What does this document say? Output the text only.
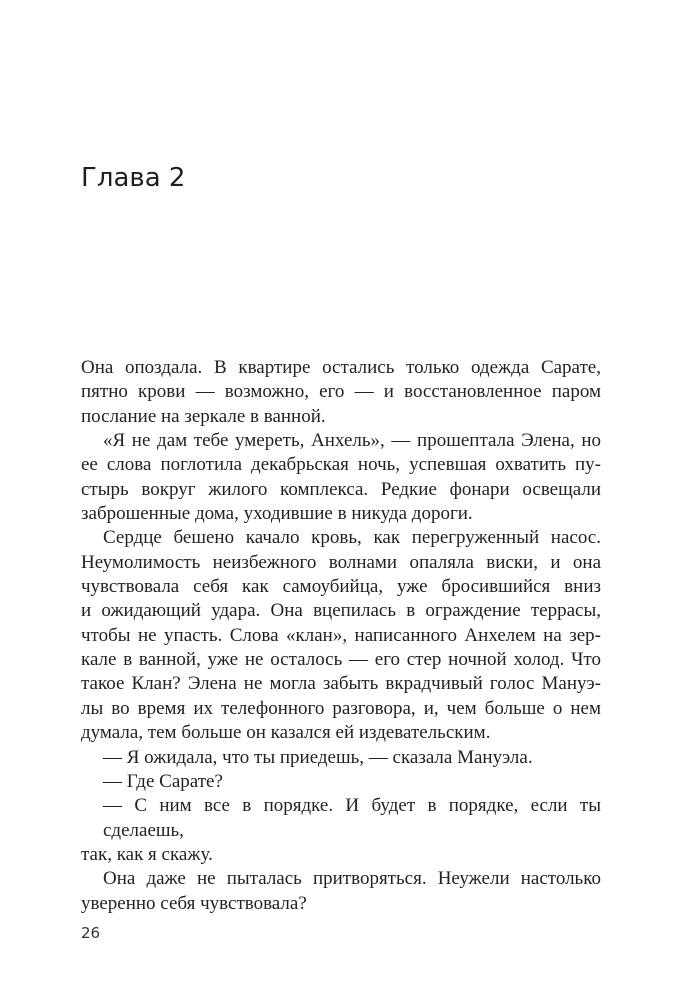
Глава 2
Она опоздала. В квартире остались только одежда Сарате,
пятно крови — возможно, его — и восстановленное паром
послание на зеркале в ванной.
«Я не дам тебе умереть, Анхель», — прошептала Элена, но
ее слова поглотила декабрьская ночь, успевшая охватить пу-
стырь вокруг жилого комплекса. Редкие фонари освещали
заброшенные дома, уходившие в никуда дороги.
Сердце бешено качало кровь, как перегруженный насос.
Неумолимость неизбежного волнами опаляла виски, и она
чувствовала себя как самоубийца, уже бросившийся вниз
и ожидающий удара. Она вцепилась в ограждение террасы,
чтобы не упасть. Слова «клан», написанного Анхелем на зер-
кале в ванной, уже не осталось — его стер ночной холод. Что
такое Клан? Элена не могла забыть вкрадчивый голос Мануэ-
лы во время их телефонного разговора, и, чем больше о нем
думала, тем больше он казался ей издевательским.
— Я ожидала, что ты приедешь, — сказала Мануэла.
— Где Сарате?
— С ним все в порядке. И будет в порядке, если ты сделаешь,
так, как я скажу.
Она даже не пыталась притворяться. Неужели настолько
уверенно себя чувствовала?
26
